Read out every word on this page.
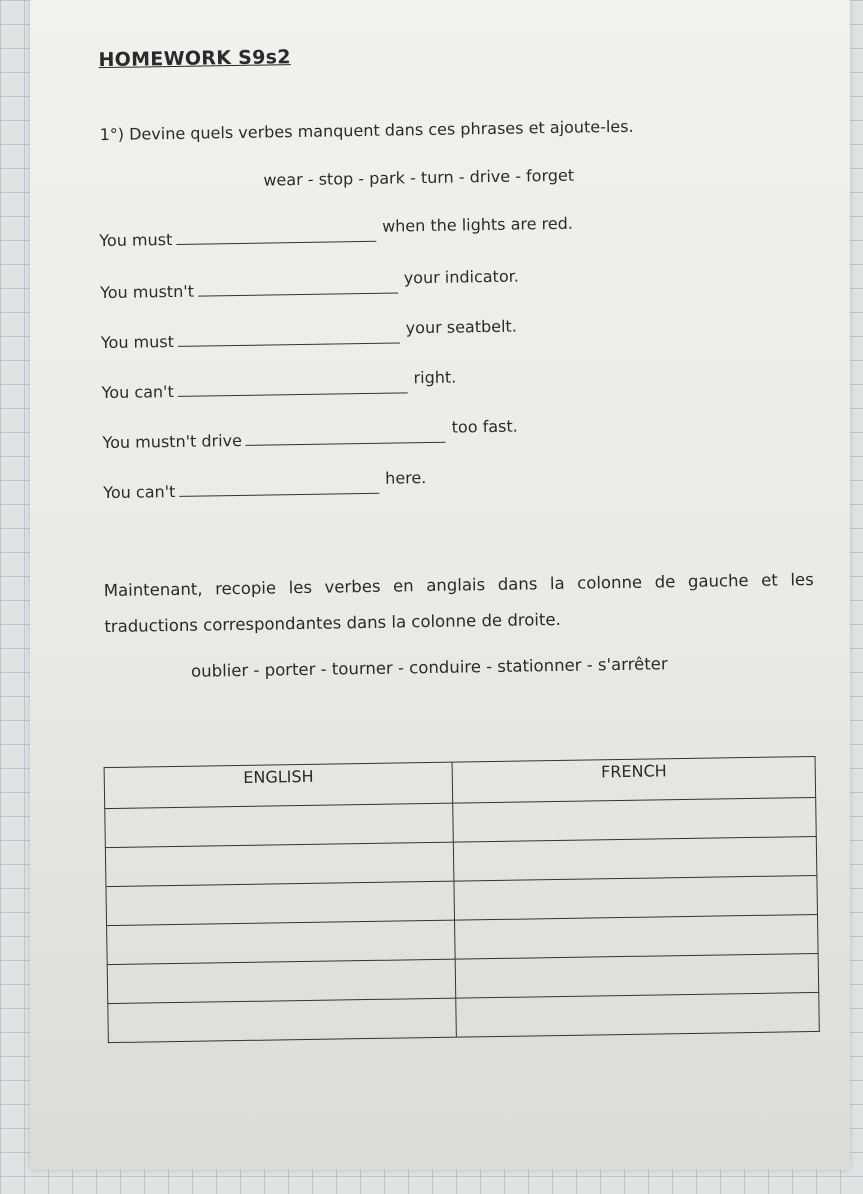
HOMEWORK S9s2
1°) Devine quels verbes manquent dans ces phrases et ajoute-les.
wear - stop - park - turn - drive - forget
You mustwhen the lights are red.
You mustn'tyour indicator.
You mustyour seatbelt.
You can'tright.
You mustn't drivetoo fast.
You can'there.
Maintenant, recopie les verbes en anglais dans la colonne de gauche et les
traductions correspondantes dans la colonne de droite.
oublier - porter - tourner - conduire - stationner - s'arrêter
ENGLISH	FRENCH
